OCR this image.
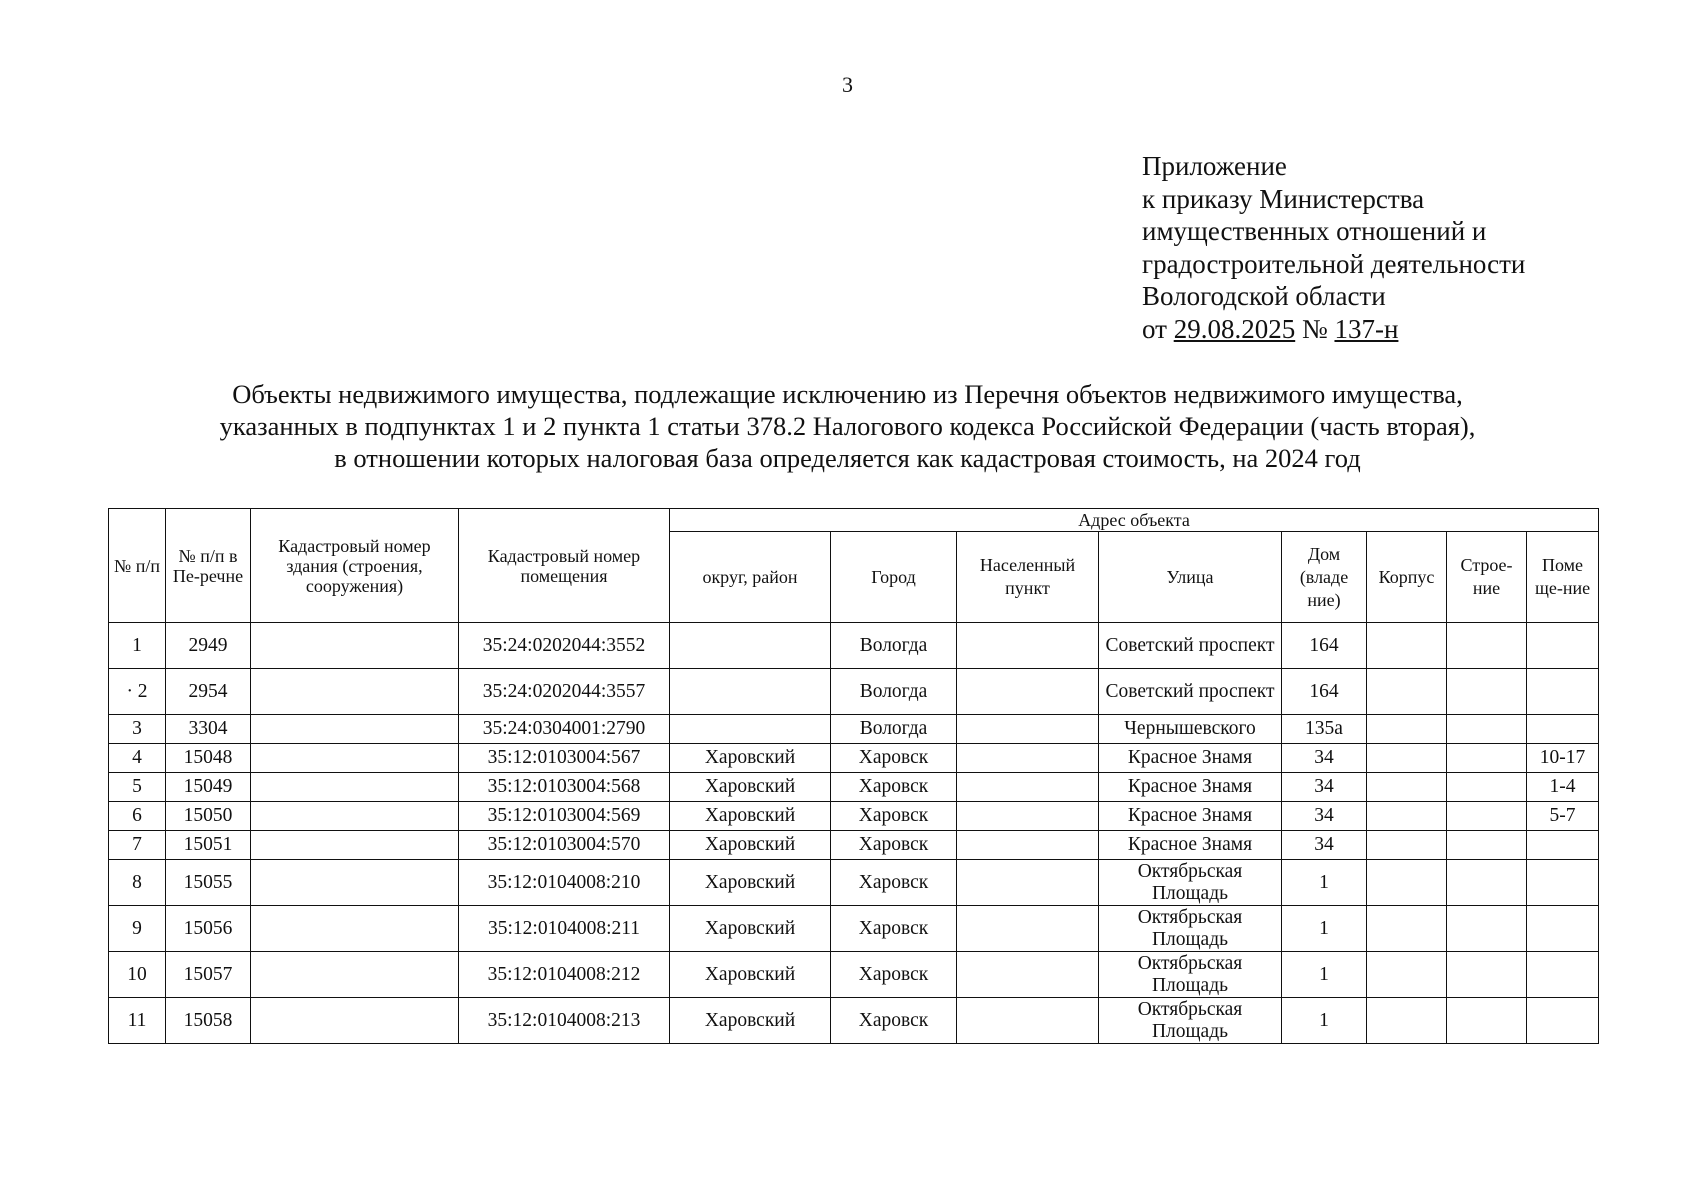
3
Приложение
к приказу Министерства
имущественных отношений и
градостроительной деятельности
Вологодской области
от 29.08.2025 № 137-н
Объекты недвижимого имущества, подлежащие исключению из Перечня объектов недвижимого имущества,
указанных в подпунктах 1 и 2 пункта 1 статьи 378.2 Налогового кодекса Российской Федерации (часть вторая),
в отношении которых налоговая база определяется как кадастровая стоимость, на 2024 год
№ п/п	№ п/п в Пе-речне	Кадастровый номер здания (строения, сооружения)	Кадастровый номер помещения	Адрес объекта							
				округ, район	Город	Населенный пункт	Улица	Дом (владе ние)	Корпус	Строе-ние	Поме ще-ние
1	2949		35:24:0202044:3552		Вологда		Советский проспект	164			
· 2	2954		35:24:0202044:3557		Вологда		Советский проспект	164			
3	3304		35:24:0304001:2790		Вологда		Чернышевского	135а			
4	15048		35:12:0103004:567	Харовский	Харовск		Красное Знамя	34			10-17
5	15049		35:12:0103004:568	Харовский	Харовск		Красное Знамя	34			1-4
6	15050		35:12:0103004:569	Харовский	Харовск		Красное Знамя	34			5-7
7	15051		35:12:0103004:570	Харовский	Харовск		Красное Знамя	34			
8	15055		35:12:0104008:210	Харовский	Харовск		Октябрьская Площадь	1			
9	15056		35:12:0104008:211	Харовский	Харовск		Октябрьская Площадь	1			
10	15057		35:12:0104008:212	Харовский	Харовск		Октябрьская Площадь	1			
11	15058		35:12:0104008:213	Харовский	Харовск		Октябрьская Площадь	1			
